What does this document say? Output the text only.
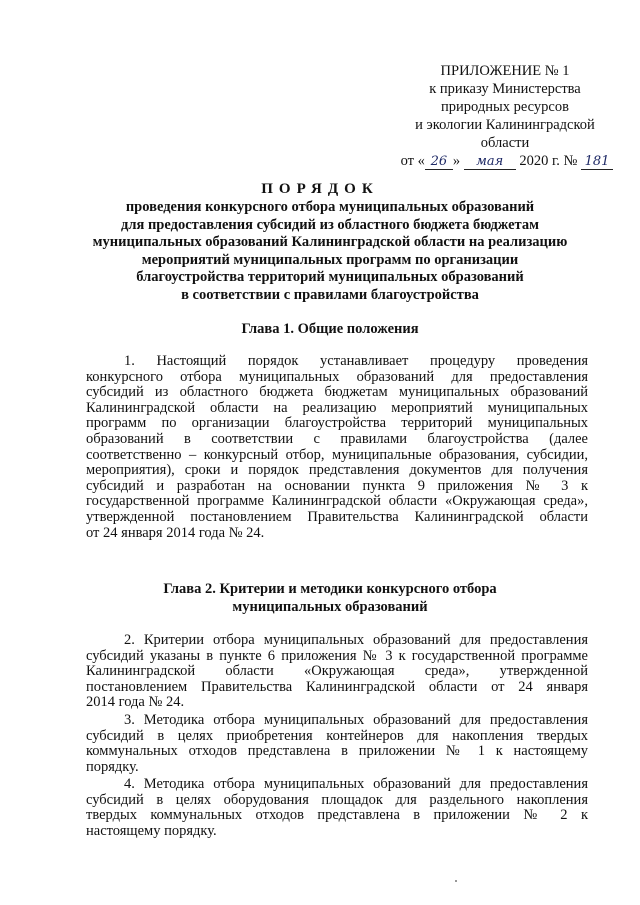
ПРИЛОЖЕНИЕ № 1
к приказу Министерства
природных ресурсов
и экологии Калининградской
области
от « 26 » мая 2020 г. № 181
ПОРЯДОК
проведения конкурсного отбора муниципальных образований
для предоставления субсидий из областного бюджета бюджетам
муниципальных образований Калининградской области на реализацию
мероприятий муниципальных программ по организации
благоустройства территорий муниципальных образований
в соответствии с правилами благоустройства
Глава 1. Общие положения
1. Настоящий порядок устанавливает процедуру проведения
конкурсного отбора муниципальных образований для предоставления
субсидий из областного бюджета бюджетам муниципальных образований
Калининградской области на реализацию мероприятий муниципальных
программ по организации благоустройства территорий муниципальных
образований в соответствии с правилами благоустройства (далее
соответственно – конкурсный отбор, муниципальные образования, субсидии,
мероприятия), сроки и порядок представления документов для получения
субсидий и разработан на основании пункта 9 приложения № 3 к
государственной программе Калининградской области «Окружающая среда»,
утвержденной постановлением Правительства Калининградской области
от 24 января 2014 года № 24.
Глава 2. Критерии и методики конкурсного отбора
муниципальных образований
2. Критерии отбора муниципальных образований для предоставления
субсидий указаны в пункте 6 приложения № 3 к государственной программе
Калининградской области «Окружающая среда», утвержденной
постановлением Правительства Калининградской области от 24 января
2014 года № 24.
3. Методика отбора муниципальных образований для предоставления
субсидий в целях приобретения контейнеров для накопления твердых
коммунальных отходов представлена в приложении № 1 к настоящему
порядку.
4. Методика отбора муниципальных образований для предоставления
субсидий в целях оборудования площадок для раздельного накопления
твердых коммунальных отходов представлена в приложении № 2 к
настоящему порядку.
